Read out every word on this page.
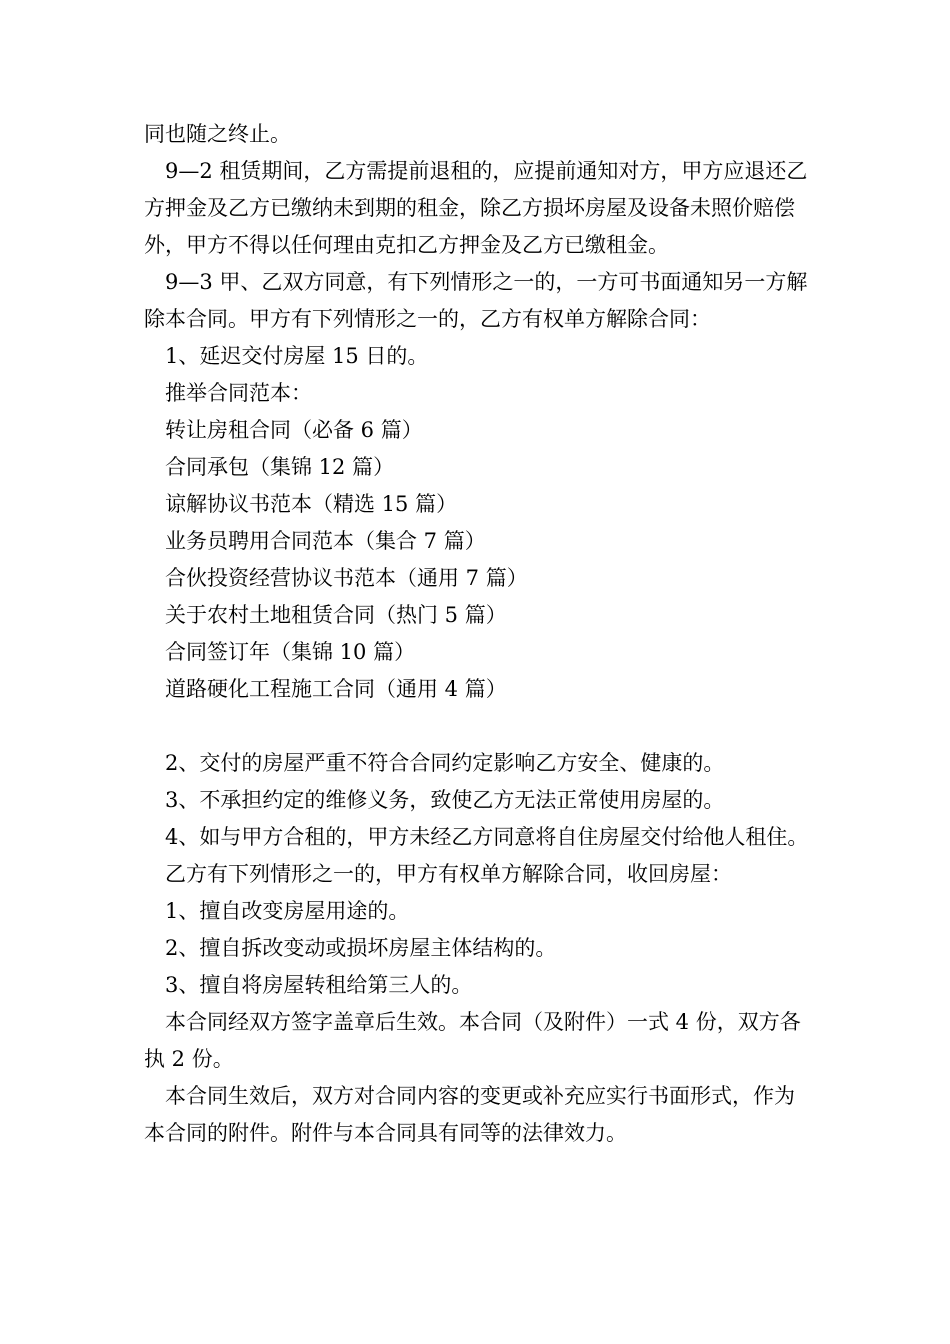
同也随之终止。

9—2 租赁期间，乙方需提前退租的，应提前通知对方，甲方应退还乙方押金及乙方已缴纳未到期的租金，除乙方损坏房屋及设备未照价赔偿外，甲方不得以任何理由克扣乙方押金及乙方已缴租金。

9—3 甲、乙双方同意，有下列情形之一的，一方可书面通知另一方解除本合同。甲方有下列情形之一的，乙方有权单方解除合同：

1、延迟交付房屋 15 日的。

推举合同范本：

转让房租合同（必备 6 篇）

合同承包（集锦 12 篇）

谅解协议书范本（精选 15 篇）

业务员聘用合同范本（集合 7 篇）

合伙投资经营协议书范本（通用 7 篇）

关于农村土地租赁合同（热门 5 篇）

合同签订年（集锦 10 篇）

道路硬化工程施工合同（通用 4 篇）

2、交付的房屋严重不符合合同约定影响乙方安全、健康的。

3、不承担约定的维修义务，致使乙方无法正常使用房屋的。

4、如与甲方合租的，甲方未经乙方同意将自住房屋交付给他人租住。

乙方有下列情形之一的，甲方有权单方解除合同，收回房屋：

1、擅自改变房屋用途的。

2、擅自拆改变动或损坏房屋主体结构的。

3、擅自将房屋转租给第三人的。

本合同经双方签字盖章后生效。本合同（及附件）一式 4 份，双方各执 2 份。

本合同生效后，双方对合同内容的变更或补充应实行书面形式，作为本合同的附件。附件与本合同具有同等的法律效力。
